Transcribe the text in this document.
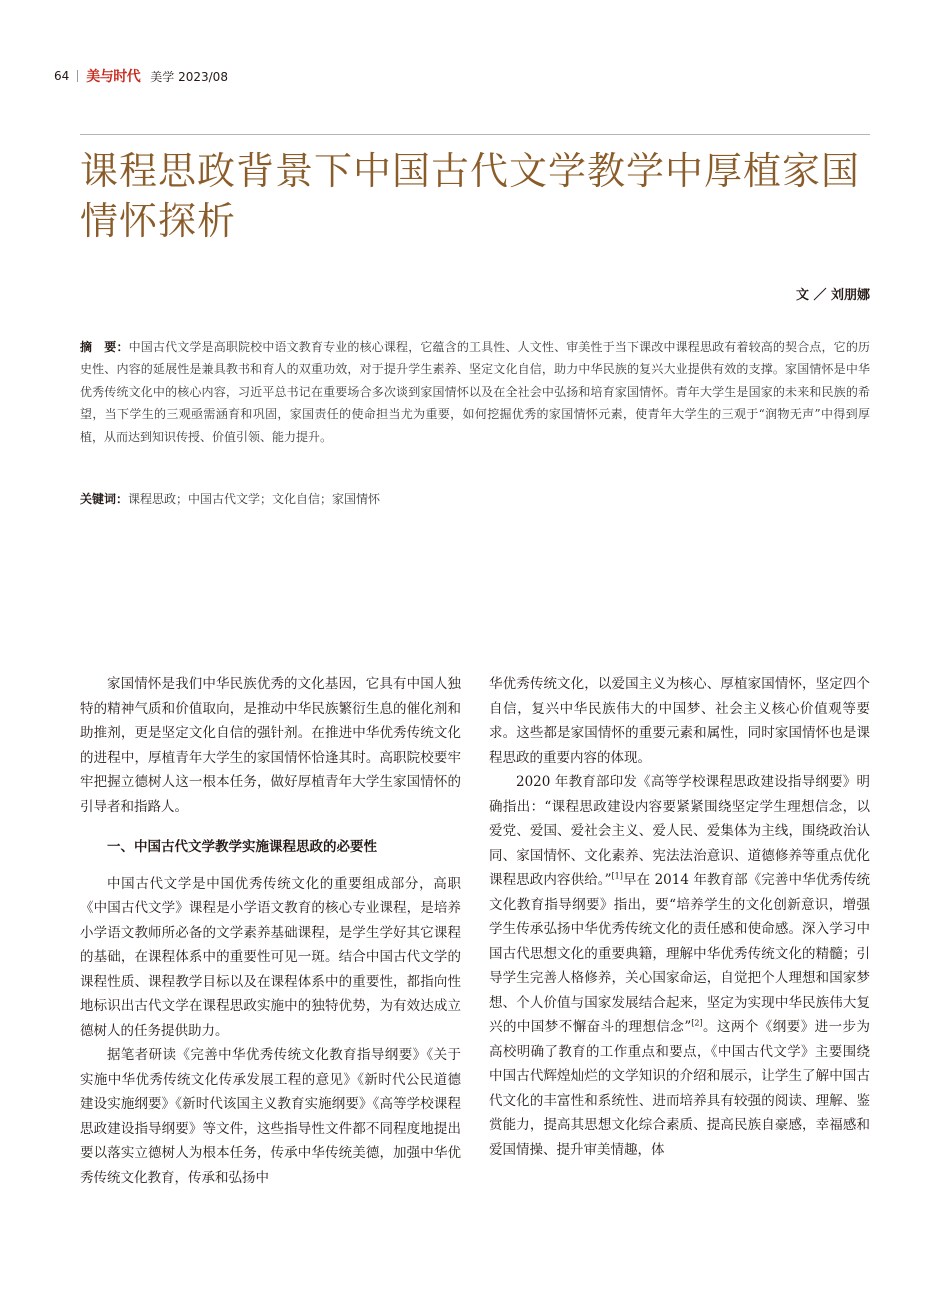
64 美与时代 美学 2023/08
课程思政背景下中国古代文学教学中厚植家国情怀探析
文 ／ 刘朋娜
摘　要：中国古代文学是高职院校中语文教育专业的核心课程，它蕴含的工具性、人文性、审美性于当下课改中课程思政有着较高的契合点，它的历史性、内容的延展性是兼具教书和育人的双重功效，对于提升学生素养、坚定文化自信，助力中华民族的复兴大业提供有效的支撑。家国情怀是中华优秀传统文化中的核心内容，习近平总书记在重要场合多次谈到家国情怀以及在全社会中弘扬和培育家国情怀。青年大学生是国家的未来和民族的希望，当下学生的三观亟需涵育和巩固，家国责任的使命担当尤为重要，如何挖掘优秀的家国情怀元素，使青年大学生的三观于“润物无声”中得到厚植，从而达到知识传授、价值引领、能力提升。
关键词：课程思政；中国古代文学；文化自信；家国情怀

家国情怀是我们中华民族优秀的文化基因，它具有中国人独特的精神气质和价值取向，是推动中华民族繁衍生息的催化剂和助推剂，更是坚定文化自信的强针剂。在推进中华优秀传统文化的进程中，厚植青年大学生的家国情怀恰逢其时。高职院校要牢牢把握立德树人这一根本任务，做好厚植青年大学生家国情怀的引导者和指路人。

一、中国古代文学教学实施课程思政的必要性

中国古代文学是中国优秀传统文化的重要组成部分，高职《中国古代文学》课程是小学语文教育的核心专业课程，是培养小学语文教师所必备的文学素养基础课程，是学生学好其它课程的基础，在课程体系中的重要性可见一斑。结合中国古代文学的课程性质、课程教学目标以及在课程体系中的重要性，都指向性地标识出古代文学在课程思政实施中的独特优势，为有效达成立德树人的任务提供助力。

据笔者研读《完善中华优秀传统文化教育指导纲要》《关于实施中华优秀传统文化传承发展工程的意见》《新时代公民道德建设实施纲要》《新时代该国主义教育实施纲要》《高等学校课程思政建设指导纲要》等文件，这些指导性文件都不同程度地提出要以落实立德树人为根本任务，传承中华传统美德，加强中华优秀传统文化教育，传承和弘扬中

华优秀传统文化，以爱国主义为核心、厚植家国情怀，坚定四个自信，复兴中华民族伟大的中国梦、社会主义核心价值观等要求。这些都是家国情怀的重要元素和属性，同时家国情怀也是课程思政的重要内容的体现。

2020 年教育部印发《高等学校课程思政建设指导纲要》明确指出：“课程思政建设内容要紧紧围绕坚定学生理想信念，以爱党、爱国、爱社会主义、爱人民、爱集体为主线，围绕政治认同、家国情怀、文化素养、宪法法治意识、道德修养等重点优化课程思政内容供给。”[1]早在 2014 年教育部《完善中华优秀传统文化教育指导纲要》指出，要“培养学生的文化创新意识，增强学生传承弘扬中华优秀传统文化的责任感和使命感。深入学习中国古代思想文化的重要典籍，理解中华优秀传统文化的精髓；引导学生完善人格修养，关心国家命运，自觉把个人理想和国家梦想、个人价值与国家发展结合起来，坚定为实现中华民族伟大复兴的中国梦不懈奋斗的理想信念”[2]。这两个《纲要》进一步为高校明确了教育的工作重点和要点，《中国古代文学》主要围绕中国古代辉煌灿烂的文学知识的介绍和展示，让学生了解中国古代文化的丰富性和系统性、进而培养具有较强的阅读、理解、鉴赏能力，提高其思想文化综合素质、提高民族自豪感，幸福感和爱国情操、提升审美情趣，体
